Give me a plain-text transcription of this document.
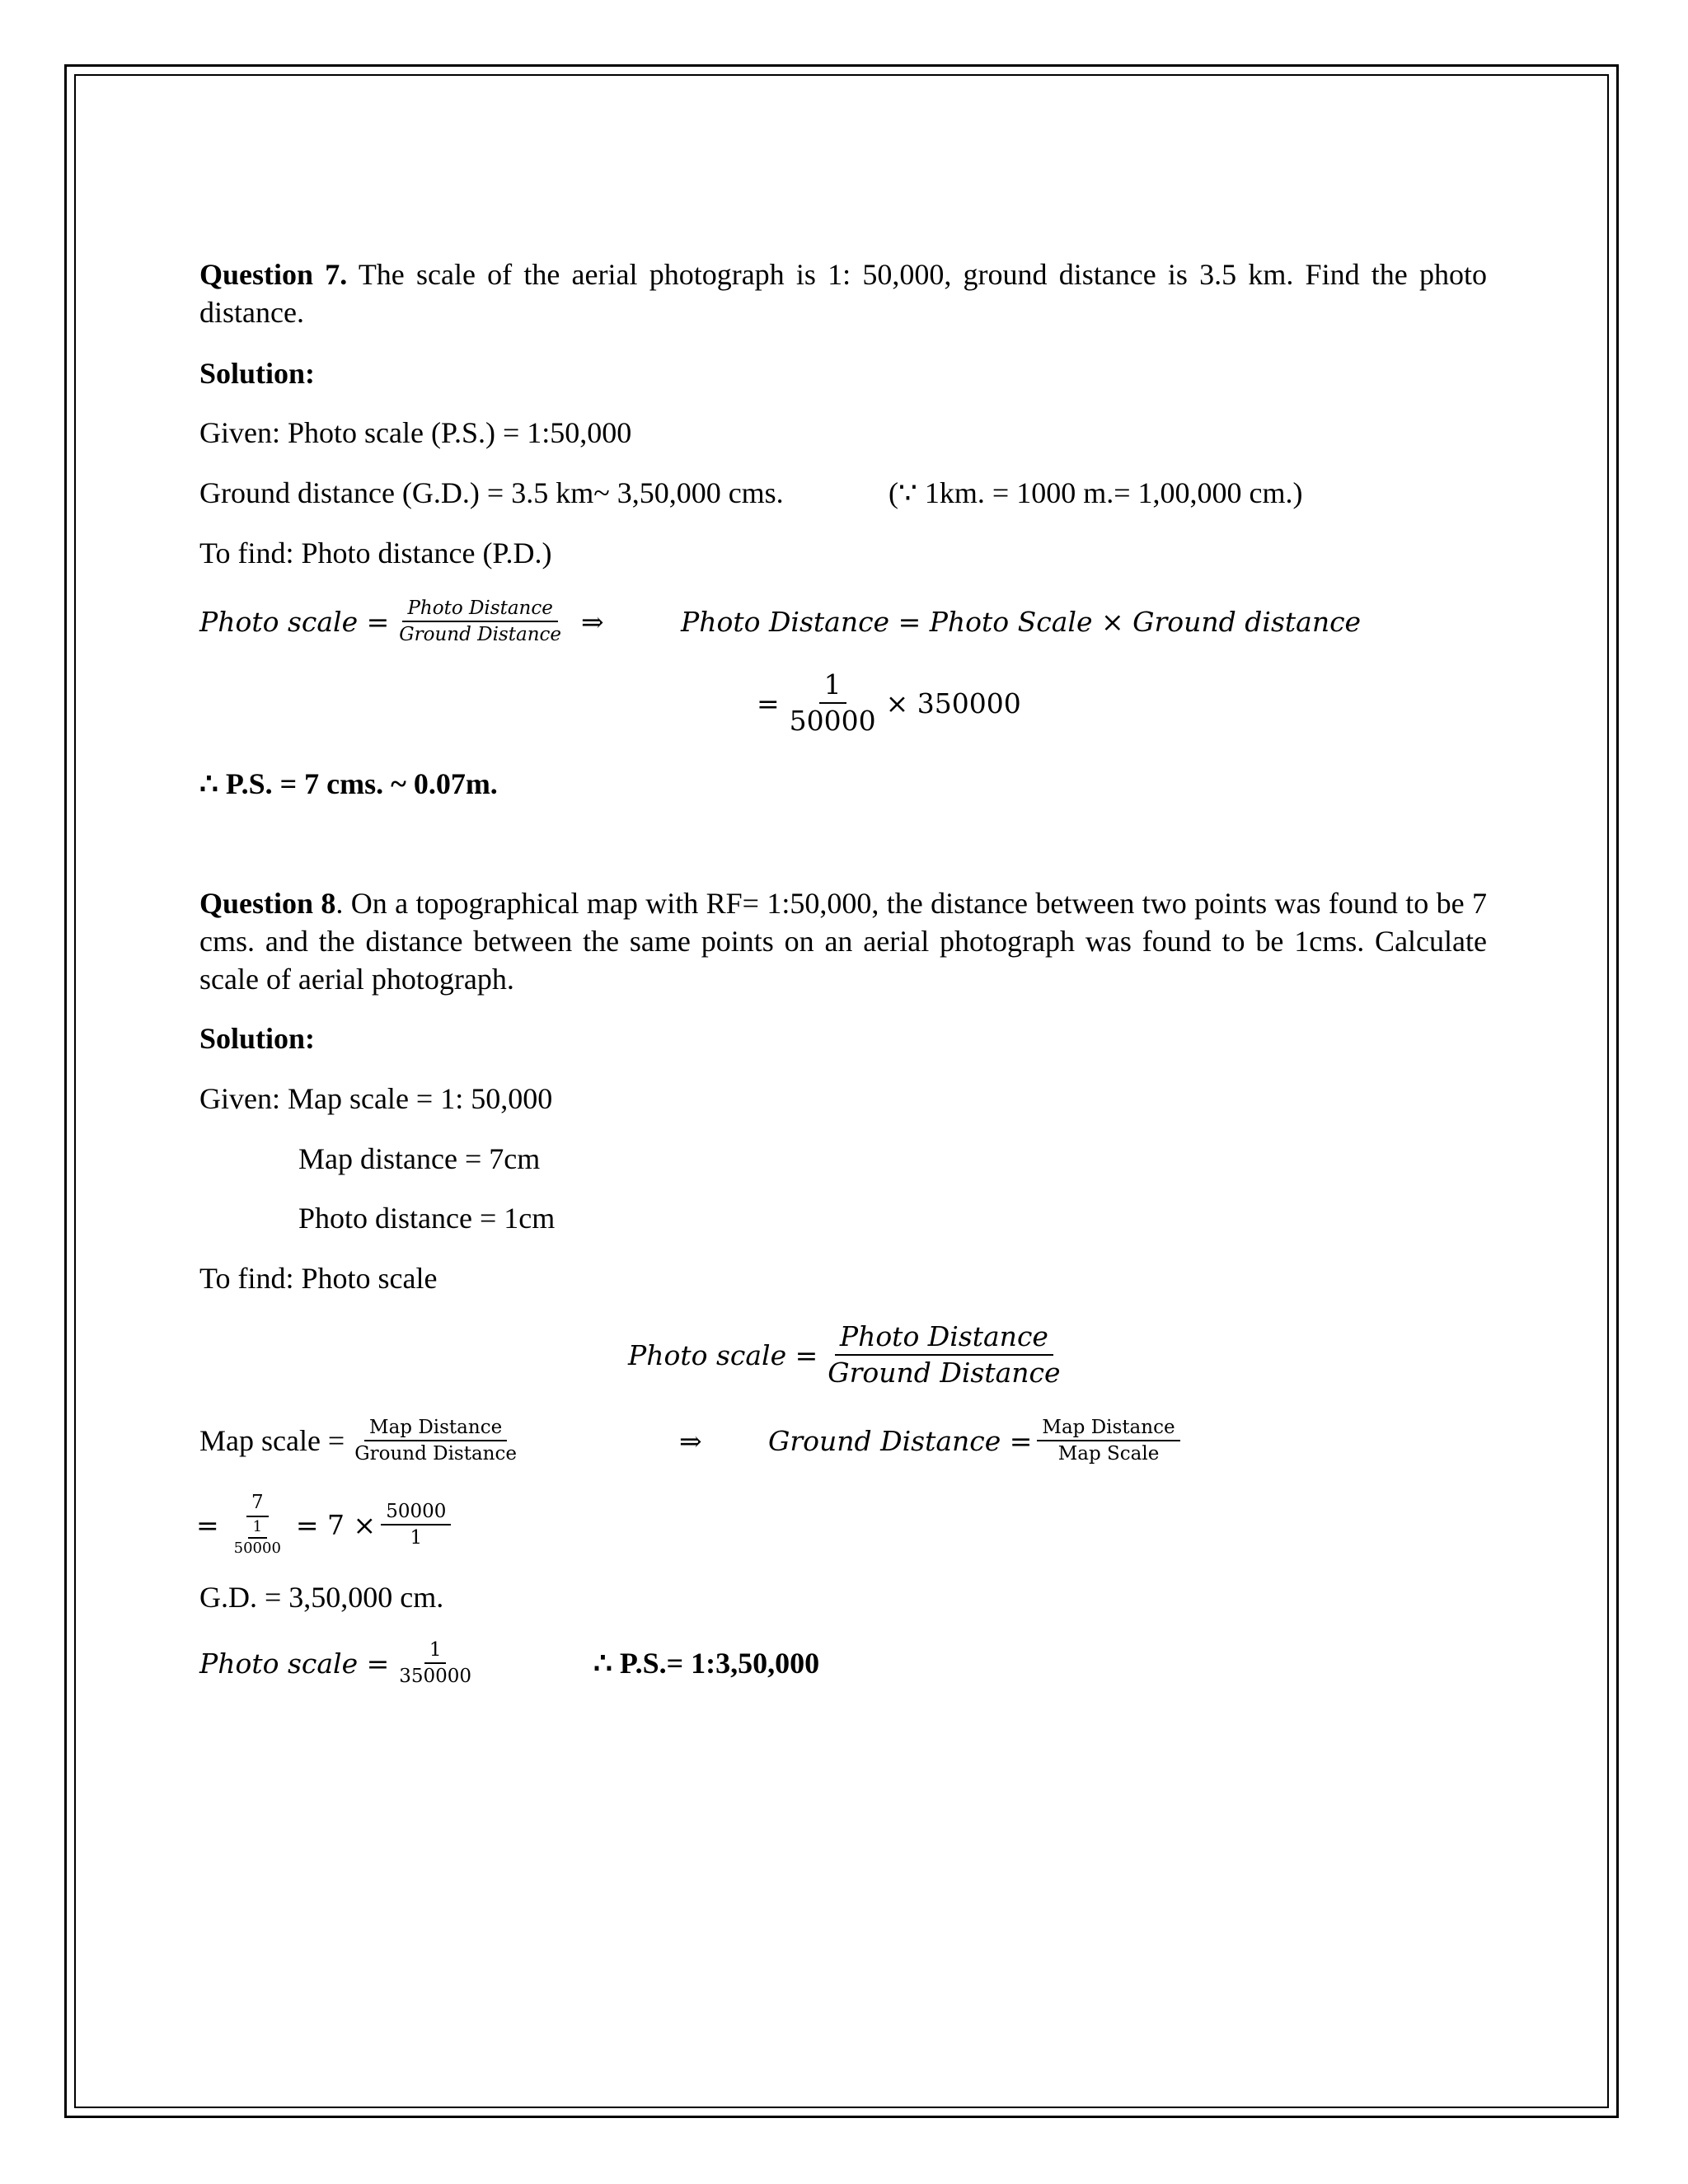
Question 7. The scale of the aerial photograph is 1: 50,000, ground distance is 3.5 km. Find the photo distance.
Solution:
Given: Photo scale (P.S.) = 1:50,000
Ground distance (G.D.) = 3.5 km~ 3,50,000 cms.	(∵ 1km. = 1000 m.= 1,00,000 cm.)
To find: Photo distance (P.D.)
Photo scale = $\frac{\text{Photo Distance}}{\text{Ground Distance}}$ ⇒	Photo Distance = Photo Scale × Ground distance
= $\frac{1}{50000} \times 350000$
∴ P.S. = 7 cms. ~ 0.07m.
Question 8. On a topographical map with RF= 1:50,000, the distance between two points was found to be 7 cms. and the distance between the same points on an aerial photograph was found to be 1cms. Calculate scale of aerial photograph.
Solution:
Given: Map scale = 1: 50,000
Map distance = 7cm
Photo distance = 1cm
To find: Photo scale
Photo scale = $\frac{\text{Photo Distance}}{\text{Ground Distance}}$
Map scale = $\frac{\text{Map Distance}}{\text{Ground Distance}}$	⇒ Ground Distance = $\frac{\text{Map Distance}}{\text{Map Scale}}$
= $\frac{7}{\frac{1}{50000}} = 7 \times \frac{50000}{1}$
G.D. = 3,50,000 cm.
Photo scale = $\frac{1}{350000}$	∴ P.S.= 1:3,50,000
